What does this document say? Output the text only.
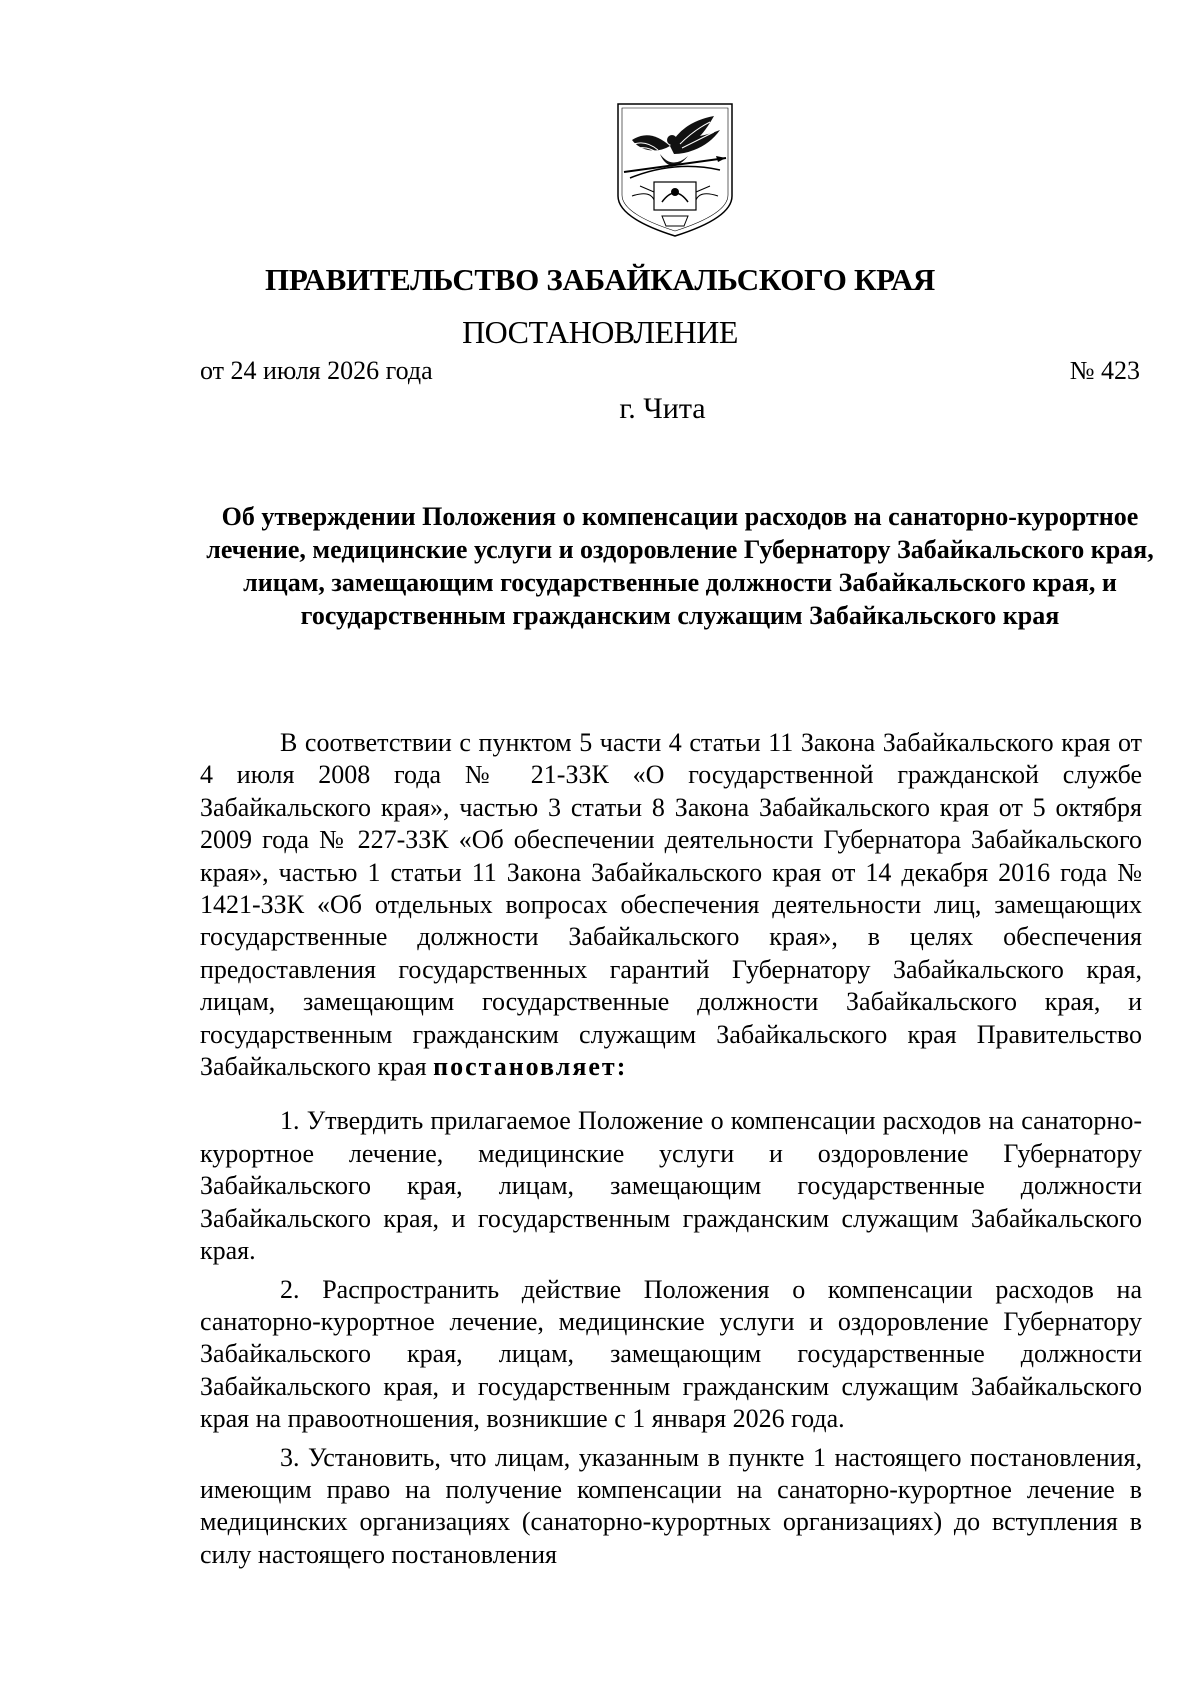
ПРАВИТЕЛЬСТВО ЗАБАЙКАЛЬСКОГО КРАЯ
ПОСТАНОВЛЕНИЕ
от 24 июля 2026 года	№ 423
г. Чита
Об утверждении Положения о компенсации расходов на санаторно-курортное лечение, медицинские услуги и оздоровление Губернатору Забайкальского края, лицам, замещающим государственные должности Забайкальского края, и государственным гражданским служащим Забайкальского края

В соответствии с пунктом 5 части 4 статьи 11 Закона Забайкальского края от 4 июля 2008 года № 21-ЗЗК «О государственной гражданской службе Забайкальского края», частью 3 статьи 8 Закона Забайкальского края от 5 октября 2009 года № 227-ЗЗК «Об обеспечении деятельности Губернатора Забайкальского края», частью 1 статьи 11 Закона Забайкальского края от 14 декабря 2016 года № 1421-ЗЗК «Об отдельных вопросах обеспечения деятельности лиц, замещающих государственные должности Забайкальского края», в целях обеспечения предоставления государственных гарантий Губернатору Забайкальского края, лицам, замещающим государственные должности Забайкальского края, и государственным гражданским служащим Забайкальского края Правительство Забайкальского края постановляет:

1. Утвердить прилагаемое Положение о компенсации расходов на санаторно-курортное лечение, медицинские услуги и оздоровление Губернатору Забайкальского края, лицам, замещающим государственные должности Забайкальского края, и государственным гражданским служащим Забайкальского края.

2. Распространить действие Положения о компенсации расходов на санаторно-курортное лечение, медицинские услуги и оздоровление Губернатору Забайкальского края, лицам, замещающим государственные должности Забайкальского края, и государственным гражданским служащим Забайкальского края на правоотношения, возникшие с 1 января 2026 года.

3. Установить, что лицам, указанным в пункте 1 настоящего постановления, имеющим право на получение компенсации на санаторно-курортное лечение в медицинских организациях (санаторно-курортных организациях) до вступления в силу настоящего постановления
